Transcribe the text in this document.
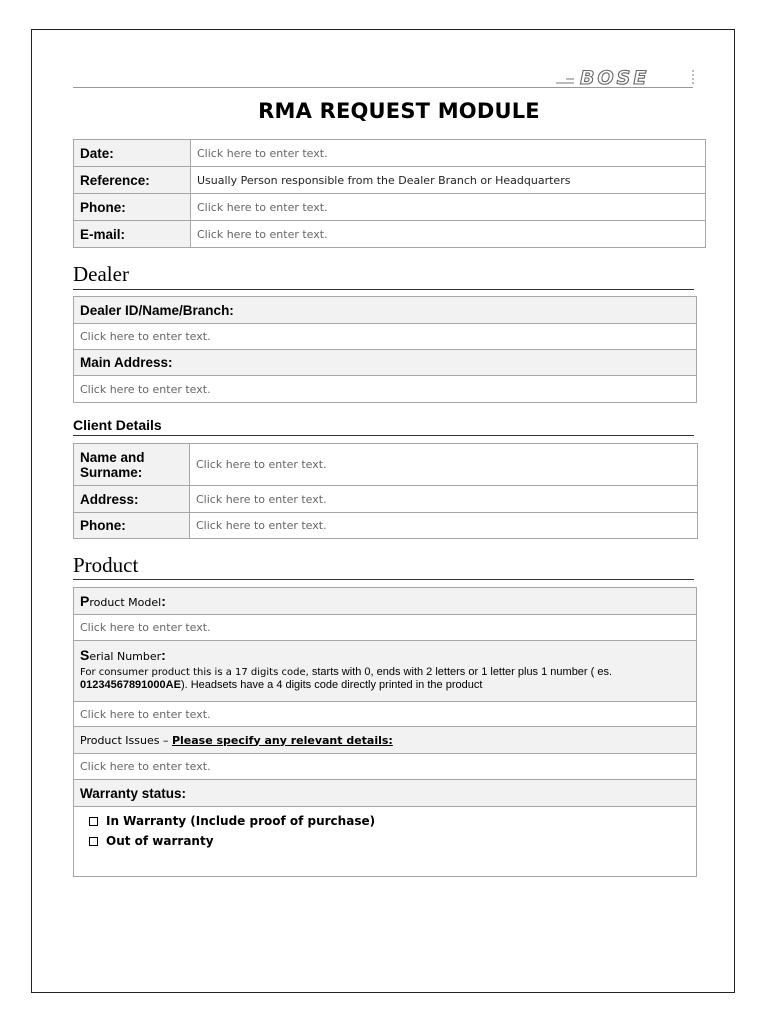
BOSE
RMA REQUEST MODULE
Date:	Click here to enter text.
Reference:	Usually Person responsible from the Dealer Branch or Headquarters
Phone:	Click here to enter text.
E-mail:	Click here to enter text.
Dealer
Dealer ID/Name/Branch:
Click here to enter text.
Main Address:
Click here to enter text.
Client Details
Name and Surname:	Click here to enter text.
Address:	Click here to enter text.
Phone:	Click here to enter text.
Product
Product Model:
Click here to enter text.

Serial Number:
For consumer product this is a 17 digits code, starts with 0, ends with 2 letters or 1 letter plus 1 number ( es.
01234567891000AE). Headsets have a 4 digits code directly printed in the product

Click here to enter text.
Product Issues – Please specify any relevant details:
Click here to enter text.
Warranty status:

In Warranty (Include proof of purchase)
Out of warranty
